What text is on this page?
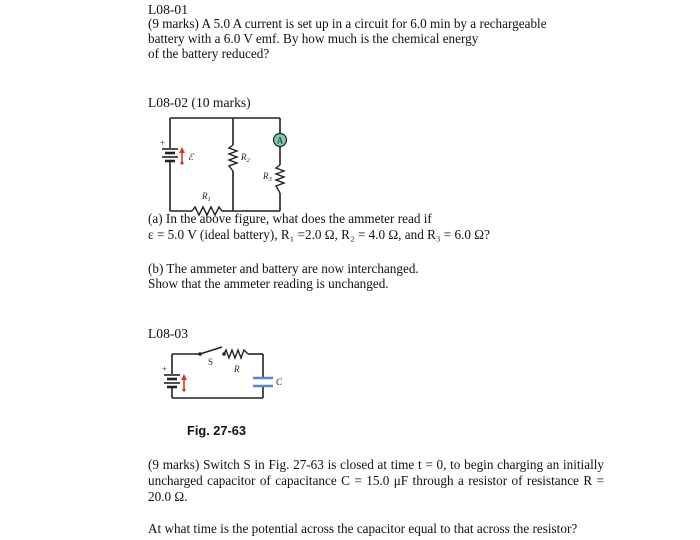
L08-01
(9 marks) A 5.0 A current is set up in a circuit for 6.0 min by a rechargeable
battery with a 6.0 V emf. By how much is the chemical energy
of the battery reduced?
L08-02 (10 marks)
+
ℰ	$R_2$
A
$R_3$
$R_1$
(a) In the above figure, what does the ammeter read if
ε = 5.0 V (ideal battery), R₁ =2.0 Ω, R₂ = 4.0 Ω, and R₃ = 6.0 Ω?
(b) The ammeter and battery are now interchanged.
Show that the ammeter reading is unchanged.
L08-03
S
R
+
C
Fig. 27-63
(9 marks) Switch S in Fig. 27-63 is closed at time t = 0, to begin charging an initially uncharged capacitor of capacitance C = 15.0 μF through a resistor of resistance R = 20.0 Ω.
At what time is the potential across the capacitor equal to that across the resistor?
